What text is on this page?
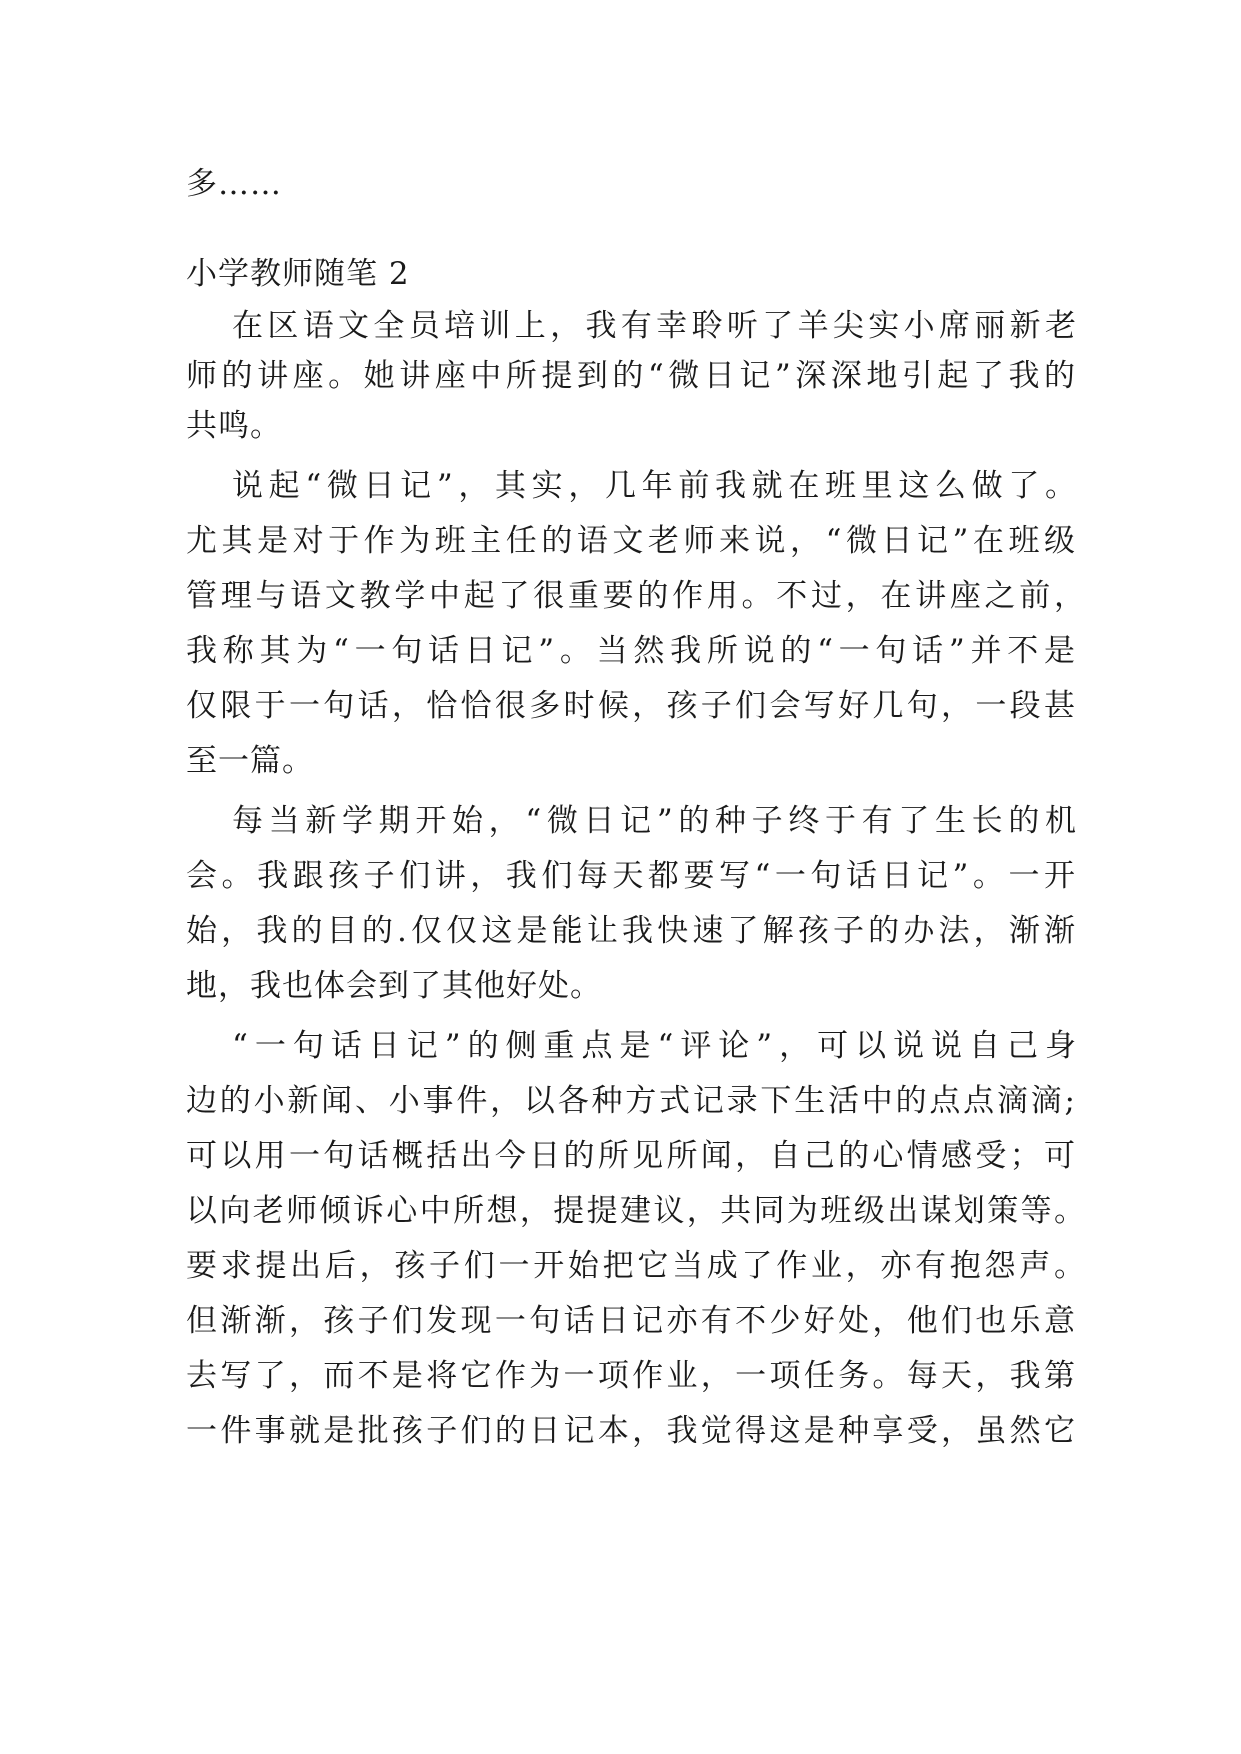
多……
小学教师随笔 2
在区语文全员培训上，我有幸聆听了羊尖实小席丽新老
师的讲座。她讲座中所提到的“微日记”深深地引起了我的
共鸣。
说起“微日记”，其实，几年前我就在班里这么做了。
尤其是对于作为班主任的语文老师来说，“微日记”在班级
管理与语文教学中起了很重要的作用。不过，在讲座之前，
我称其为“一句话日记”。当然我所说的“一句话”并不是
仅限于一句话，恰恰很多时候，孩子们会写好几句，一段甚
至一篇。
每当新学期开始，“微日记”的种子终于有了生长的机
会。我跟孩子们讲，我们每天都要写“一句话日记”。一开
始，我的目的.仅仅这是能让我快速了解孩子的办法，渐渐
地，我也体会到了其他好处。
“一句话日记”的侧重点是“评论”，可以说说自己身
边的小新闻、小事件，以各种方式记录下生活中的点点滴滴;
可以用一句话概括出今日的所见所闻，自己的心情感受；可
以向老师倾诉心中所想，提提建议，共同为班级出谋划策等。
要求提出后，孩子们一开始把它当成了作业，亦有抱怨声。
但渐渐，孩子们发现一句话日记亦有不少好处，他们也乐意
去写了，而不是将它作为一项作业，一项任务。每天，我第
一件事就是批孩子们的日记本，我觉得这是种享受，虽然它
